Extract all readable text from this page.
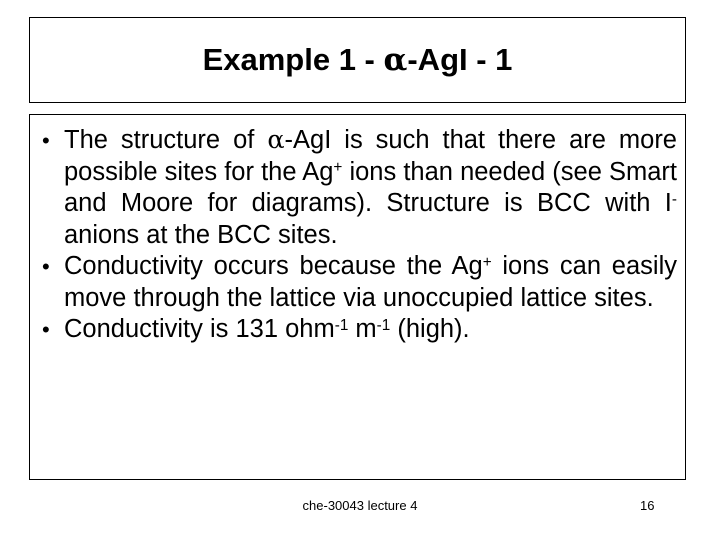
Example 1 - α-AgI - 1
• The structure of α-AgI is such that there are more possible sites for the Ag+ ions than needed (see Smart and Moore for diagrams). Structure is BCC with I- anions at the BCC sites.
• Conductivity occurs because the Ag+ ions can easily move through the lattice via unoccupied lattice sites.
• Conductivity is 131 ohm$^{-1}$ $m^{-1}$ (high).
che-30043 lecture 4	16
